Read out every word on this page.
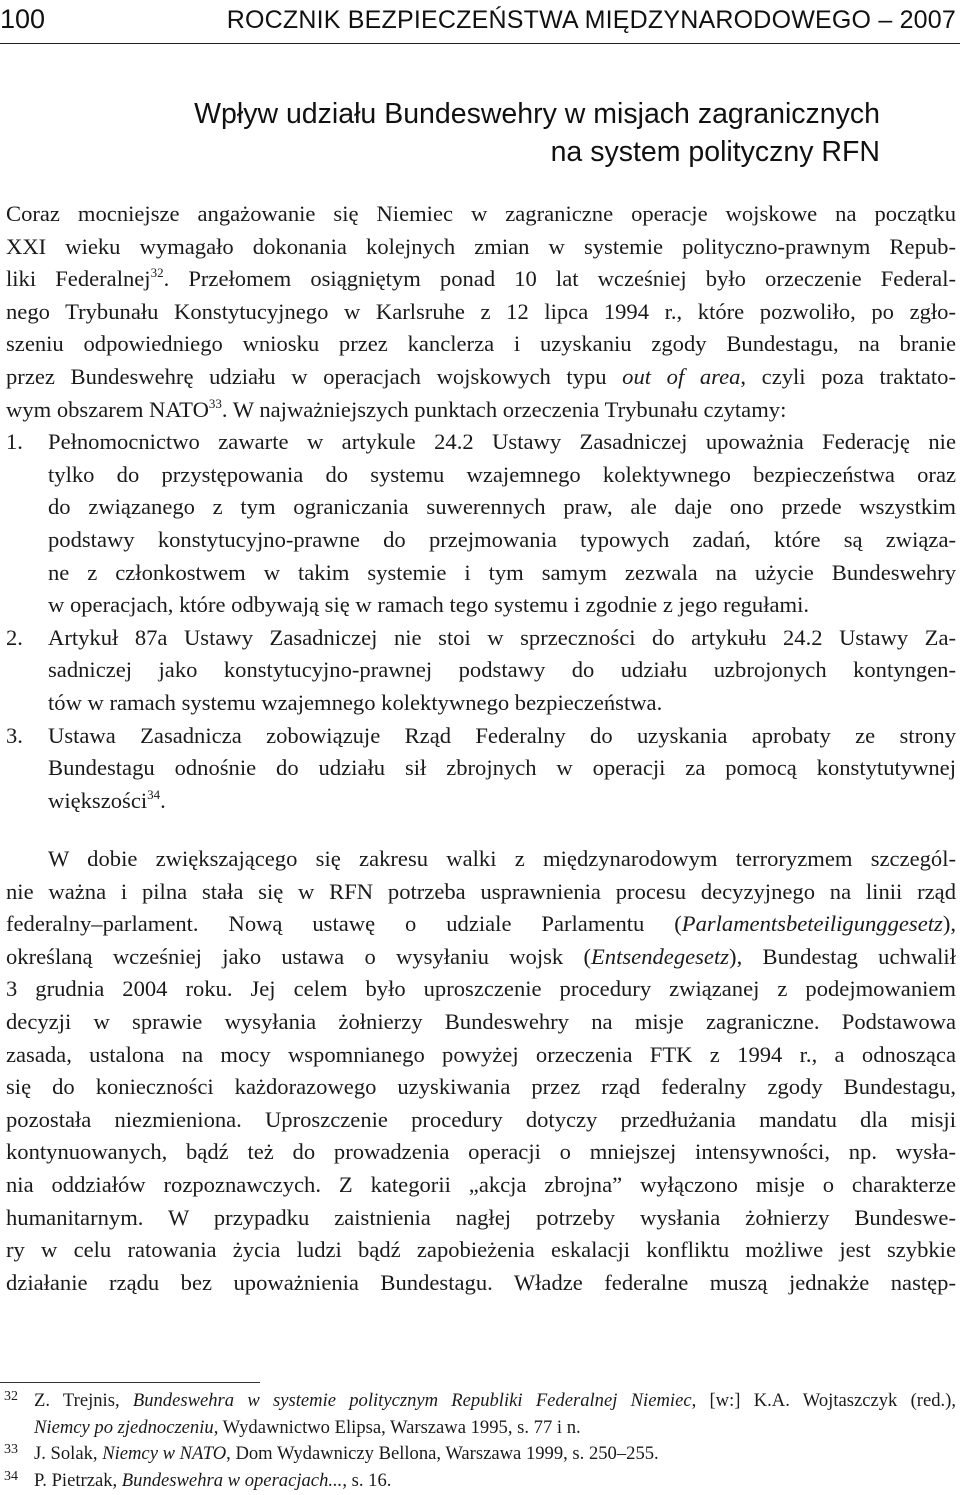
100	ROCZNIK BEZPIECZEŃSTWA MIĘDZYNARODOWEGO – 2007
Wpływ udziału Bundeswehry w misjach zagranicznych
na system polityczny RFN
Coraz mocniejsze angażowanie się Niemiec w zagraniczne operacje wojskowe na początku
XXI wieku wymagało dokonania kolejnych zmian w systemie polityczno-prawnym Repub-
liki Federalnej$^{32}$. Przełomem osiągniętym ponad 10 lat wcześniej było orzeczenie Federal-
nego Trybunału Konstytucyjnego w Karlsruhe z 12 lipca 1994 r., które pozwoliło, po zgło-
szeniu odpowiedniego wniosku przez kanclerza i uzyskaniu zgody Bundestagu, na branie
przez Bundeswehrę udziału w operacjach wojskowych typu out of area, czyli poza traktato-
wym obszarem NATO$^{33}$. W najważniejszych punktach orzeczenia Trybunału czytamy:
1. Pełnomocnictwo zawarte w artykule 24.2 Ustawy Zasadniczej upoważnia Federację nie
tylko do przystępowania do systemu wzajemnego kolektywnego bezpieczeństwa oraz
do związanego z tym ograniczania suwerennych praw, ale daje ono przede wszystkim
podstawy konstytucyjno-prawne do przejmowania typowych zadań, które są związa-
ne z członkostwem w takim systemie i tym samym zezwala na użycie Bundeswehry
w operacjach, które odbywają się w ramach tego systemu i zgodnie z jego regułami.
2. Artykuł 87a Ustawy Zasadniczej nie stoi w sprzeczności do artykułu 24.2 Ustawy Za-
sadniczej jako konstytucyjno-prawnej podstawy do udziału uzbrojonych kontyngen-
tów w ramach systemu wzajemnego kolektywnego bezpieczeństwa.
3. Ustawa Zasadnicza zobowiązuje Rząd Federalny do uzyskania aprobaty ze strony
Bundestagu odnośnie do udziału sił zbrojnych w operacji za pomocą konstytutywnej
większości$^{34}$.
W dobie zwiększającego się zakresu walki z międzynarodowym terroryzmem szczegól-
nie ważna i pilna stała się w RFN potrzeba usprawnienia procesu decyzyjnego na linii rząd
federalny–parlament. Nową ustawę o udziale Parlamentu (Parlamentsbeteiligunggesetz),
określaną wcześniej jako ustawa o wysyłaniu wojsk (Entsendegesetz), Bundestag uchwalił
3 grudnia 2004 roku. Jej celem było uproszczenie procedury związanej z podejmowaniem
decyzji w sprawie wysyłania żołnierzy Bundeswehry na misje zagraniczne. Podstawowa
zasada, ustalona na mocy wspomnianego powyżej orzeczenia FTK z 1994 r., a odnosząca
się do konieczności każdorazowego uzyskiwania przez rząd federalny zgody Bundestagu,
pozostała niezmieniona. Uproszczenie procedury dotyczy przedłużania mandatu dla misji
kontynuowanych, bądź też do prowadzenia operacji o mniejszej intensywności, np. wysła-
nia oddziałów rozpoznawczych. Z kategorii „akcja zbrojna” wyłączono misje o charakterze
humanitarnym. W przypadku zaistnienia nagłej potrzeby wysłania żołnierzy Bundeswe-
ry w celu ratowania życia ludzi bądź zapobieżenia eskalacji konfliktu możliwe jest szybkie
działanie rządu bez upoważnienia Bundestagu. Władze federalne muszą jednakże następ-
32 Z. Trejnis, Bundeswehra w systemie politycznym Republiki Federalnej Niemiec, [w:] K.A. Wojtaszczyk (red.),
Niemcy po zjednoczeniu, Wydawnictwo Elipsa, Warszawa 1995, s. 77 i n.
33 J. Solak, Niemcy w NATO, Dom Wydawniczy Bellona, Warszawa 1999, s. 250–255.
34 P. Pietrzak, Bundeswehra w operacjach..., s. 16.
